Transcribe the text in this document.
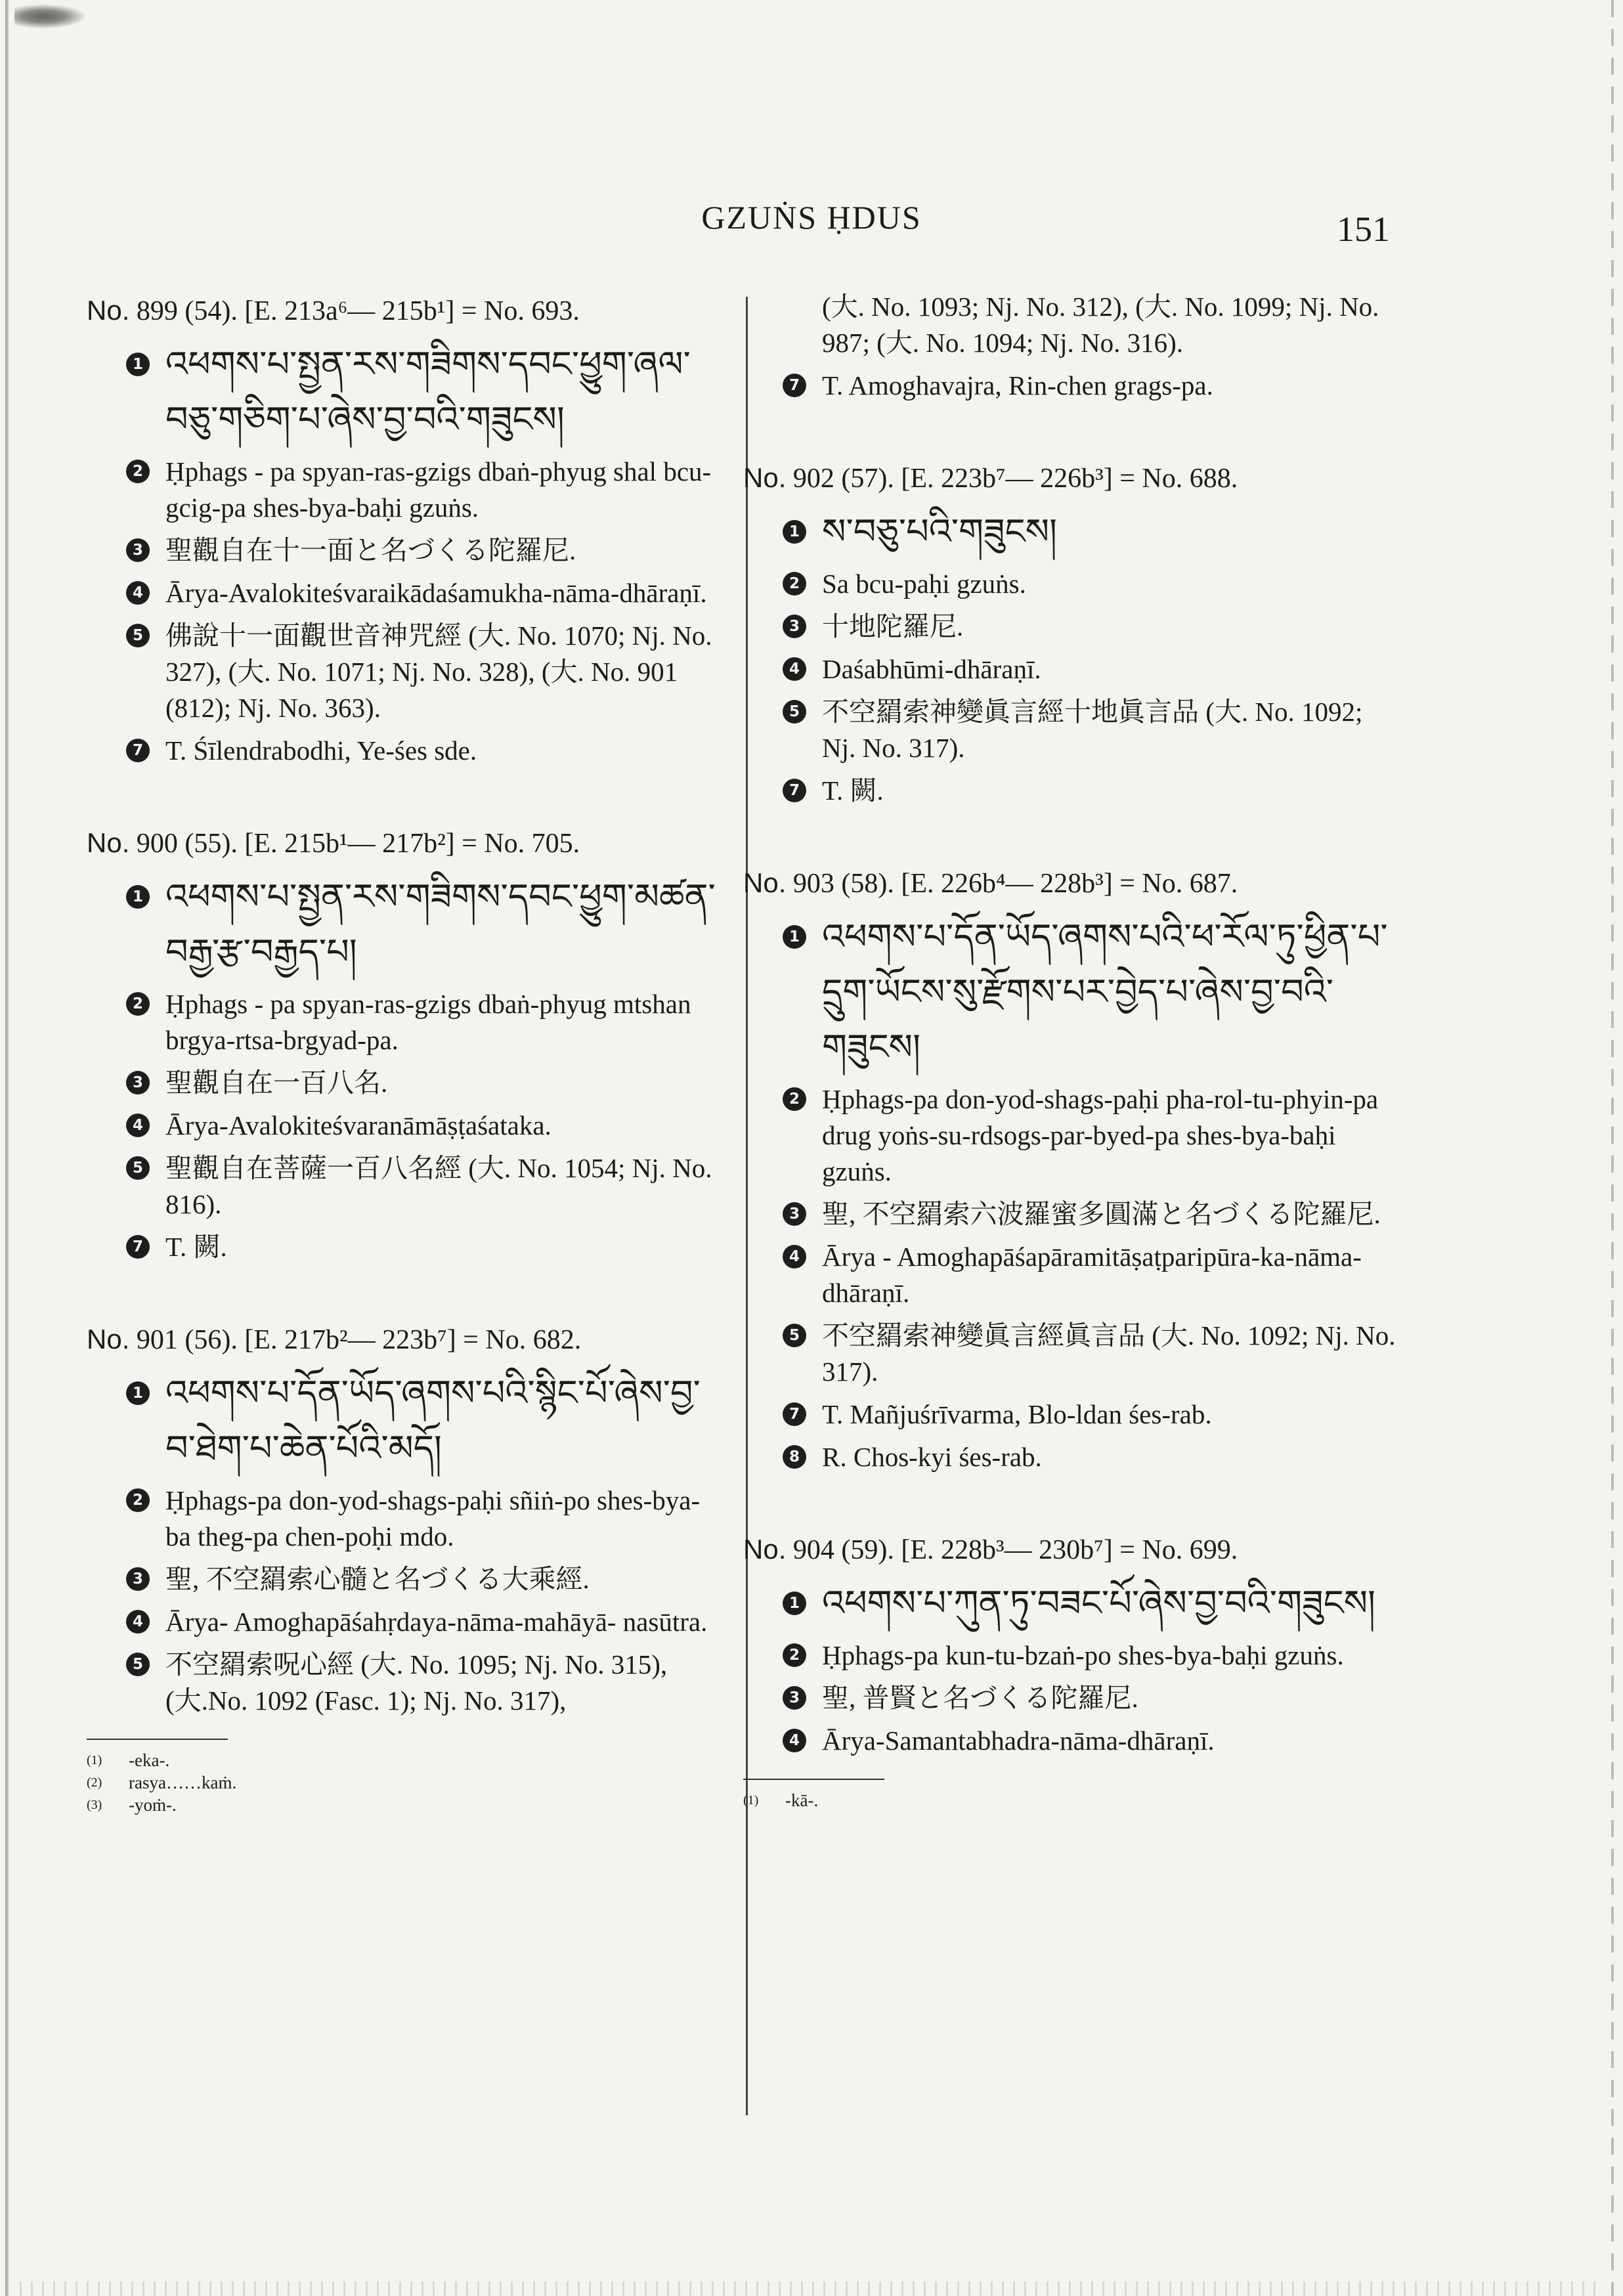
GZUṄS ḤDUS	151
No. 899 (54). [E. 213a⁶— 215b¹] = No. 693.
1 འཕགས་པ་སྤྱན་རས་གཟིགས་དབང་ཕྱུག་ཞལ་བཅུ་གཅིག་པ་ཞེས་བྱ་བའི་གཟུངས།
2 Ḥphags - pa spyan-ras-gzigs dbaṅ-phyug shal bcu-gcig-pa shes-bya-baḥi gzuṅs.
3 聖觀自在十一面と名づくる陀羅尼.
4 Ārya-Avalokiteśvaraikādaśamukha-nāma-dhāraṇī.
5 佛說十一面觀世音神咒經 (大. No. 1070; Nj. No. 327), (大. No. 1071; Nj. No. 328), (大. No. 901 (812); Nj. No. 363).
7 T. Śīlendrabodhi, Ye-śes sde.
No. 900 (55). [E. 215b¹— 217b²] = No. 705.
1 འཕགས་པ་སྤྱན་རས་གཟིགས་དབང་ཕྱུག་མཚན་བརྒྱ་རྩ་བརྒྱད་པ།
2 Ḥphags - pa spyan-ras-gzigs dbaṅ-phyug mtshan brgya-rtsa-brgyad-pa.
3 聖觀自在一百八名.
4 Ārya-Avalokiteśvaranāmāṣṭaśataka.
5 聖觀自在菩薩一百八名經 (大. No. 1054; Nj. No. 816).
7 T. 闕.
No. 901 (56). [E. 217b²— 223b⁷] = No. 682.
1 འཕགས་པ་དོན་ཡོད་ཞགས་པའི་སྙིང་པོ་ཞེས་བྱ་བ་ཐེག་པ་ཆེན་པོའི་མདོ།
2 Ḥphags-pa don-yod-shags-paḥi sñiṅ-po shes-bya-ba theg-pa chen-poḥi mdo.
3 聖, 不空羂索心髓と名づくる大乘經.
4 Ārya- Amoghapāśahṛdaya-nāma-mahāyā- nasūtra.
5 不空羂索呪心經 (大. No. 1095; Nj. No. 315), (大.No. 1092 (Fasc. 1); Nj. No. 317),
(1)	-eka-.
(2)	rasya……kaṁ.
(3)	-yoṁ-.
(大. No. 1093; Nj. No. 312), (大. No. 1099; Nj. No. 987; (大. No. 1094; Nj. No. 316).
7 T. Amoghavajra, Rin-chen grags-pa.
No. 902 (57). [E. 223b⁷— 226b³] = No. 688.
1 ས་བཅུ་པའི་གཟུངས།
2 Sa bcu-paḥi gzuṅs.
3 十地陀羅尼.
4 Daśabhūmi-dhāraṇī.
5 不空羂索神變眞言經十地眞言品 (大. No. 1092; Nj. No. 317).
7 T. 闕.
No. 903 (58). [E. 226b⁴— 228b³] = No. 687.
1 འཕགས་པ་དོན་ཡོད་ཞགས་པའི་ཕ་རོལ་ཏུ་ཕྱིན་པ་དྲུག་ཡོངས་སུ་རྫོགས་པར་བྱེད་པ་ཞེས་བྱ་བའི་གཟུངས།
2 Ḥphags-pa don-yod-shags-paḥi pha-rol-tu-phyin-pa drug yoṅs-su-rdsogs-par-byed-pa shes-bya-baḥi gzuṅs.
3 聖, 不空羂索六波羅蜜多圓滿と名づくる陀羅尼.
4 Ārya - Amoghapāśapāramitāṣaṭparipūra-ka-nāma-dhāraṇī.
5 不空羂索神變眞言經眞言品 (大. No. 1092; Nj. No. 317).
7 T. Mañjuśrīvarma, Blo-ldan śes-rab.
8 R. Chos-kyi śes-rab.
No. 904 (59). [E. 228b³— 230b⁷] = No. 699.
1 འཕགས་པ་ཀུན་ཏུ་བཟང་པོ་ཞེས་བྱ་བའི་གཟུངས།
2 Ḥphags-pa kun-tu-bzaṅ-po shes-bya-baḥi gzuṅs.
3 聖, 普賢と名づくる陀羅尼.
4 Ārya-Samantabhadra-nāma-dhāraṇī.
(1)	-kā-.
